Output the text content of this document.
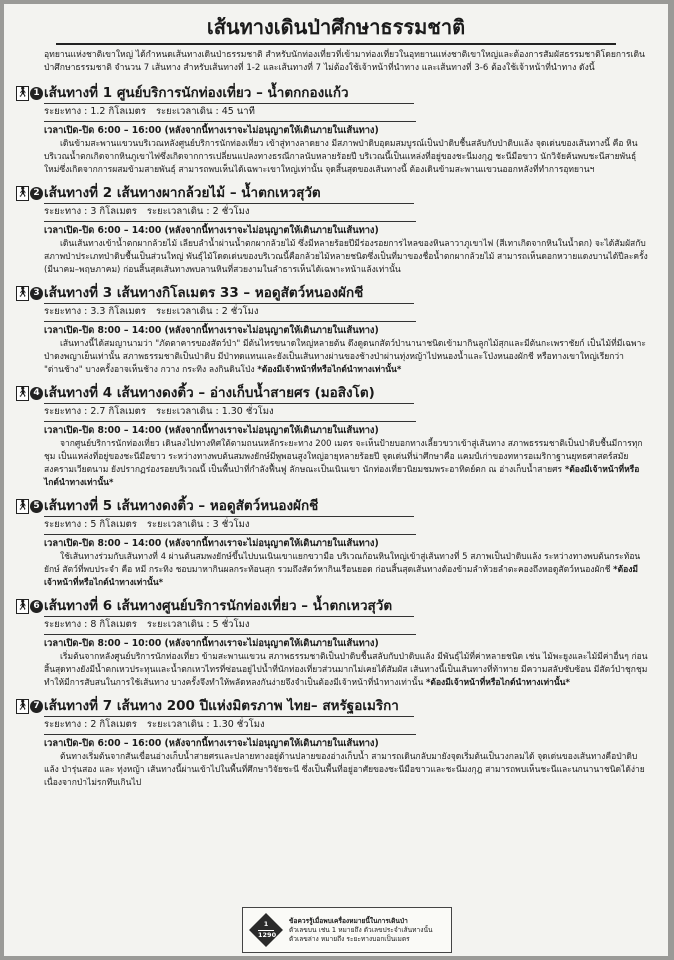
เส้นทางเดินป่าศึกษาธรรมชาติ

อุทยานแห่งชาติเขาใหญ่ ได้กำหนดเส้นทางเดินป่าธรรมชาติ สำหรับนักท่องเที่ยวที่เข้ามาท่องเที่ยวในอุทยานแห่งชาติเขาใหญ่และต้องการสัมผัสธรรมชาติโดยการเดินป่าศึกษาธรรมชาติ จำนวน 7 เส้นทาง สำหรับเส้นทางที่ 1-2 และเส้นทางที่ 7 ไม่ต้องใช้เจ้าหน้าที่นำทาง และเส้นทางที่ 3-6 ต้องใช้เจ้าหน้าที่นำทาง ดังนี้

🚶︎ 1 เส้นทางที่ 1 ศูนย์บริการนักท่องเที่ยว – น้ำตกกองแก้ว
ระยะทาง : 1.2 กิโลเมตร ระยะเวลาเดิน : 45 นาที
เวลาเปิด-ปิด 6:00 – 16:00 (หลังจากนี้ทางเราจะไม่อนุญาตให้เดินภายในเส้นทาง)
เดินข้ามสะพานแขวนบริเวณหลังศูนย์บริการนักท่องเที่ยว เข้าสู่ทางลาดยาง มีสภาพป่าดิบอุดมสมบูรณ์เป็นป่าดิบชื้นสลับกับป่าดิบแล้ง จุดเด่นของเส้นทางนี้ คือ หินบริเวณน้ำตกเกิดจากหินภูเขาไฟซึ่งเกิดจากการเปลี่ยนแปลงทางธรณีกาลนับหลายร้อยปี บริเวณนี้เป็นแหล่งที่อยู่ของชะนีมงกุฎ ชะนีมือขาว นักวิจัยค้นพบชะนีสายพันธุ์ใหม่ซึ่งเกิดจากการผสมข้ามสายพันธุ์ สามารถพบเห็นได้เฉพาะเขาใหญ่เท่านั้น จุดสิ้นสุดของเส้นทางนี้ ต้องเดินข้ามสะพานแขวนออกหลังที่ทำการอุทยานฯ
🚶︎ 2 เส้นทางที่ 2 เส้นทางผากล้วยไม้ – น้ำตกเหวสุวัต
ระยะทาง : 3 กิโลเมตร ระยะเวลาเดิน : 2 ชั่วโมง
เวลาเปิด-ปิด 6:00 – 14:00 (หลังจากนี้ทางเราจะไม่อนุญาตให้เดินภายในเส้นทาง)
เดินเส้นทางเข้าน้ำตกผากล้วยไม้ เลียบลำน้ำผ่านน้ำตกผากล้วยไม้ ซึ่งมีหลายร้อยปีมีร่องรอยการไหลของหินลาวาภูเขาไฟ (สีเทาเกิดจากหินในน้ำตก) จะได้สัมผัสกับสภาพป่าประเภทป่าดิบชื้นเป็นส่วนใหญ่ พันธุ์ไม้โดดเด่นของบริเวณนี้คือกล้วยไม้หลายชนิดซึ่งเป็นที่มาของชื่อน้ำตกผากล้วยไม้ สามารถเห็นดอกหวายแดงบานได้ปีละครั้ง (มีนาคม–พฤษภาคม) ก่อนสิ้นสุดเส้นทางพบลานหินที่สวยงามในลำธารเห็นได้เฉพาะหน้าแล้งเท่านั้น
🚶︎ 3 เส้นทางที่ 3 เส้นทางกิโลเมตร 33 – หอดูสัตว์หนองผักชี
ระยะทาง : 3.3 กิโลเมตร ระยะเวลาเดิน : 2 ชั่วโมง
เวลาเปิด-ปิด 8:00 – 14:00 (หลังจากนี้ทางเราจะไม่อนุญาตให้เดินภายในเส้นทาง)
เส้นทางนี้ได้สมญานามว่า "ภัตตาคารของสัตว์ป่า" มีต้นไทรขนาดใหญ่หลายต้น ดึงดูดนกสัตว์ป่านานาชนิดเข้ามากินลูกไม้สุกและมีต้นกะเพราชัยก์ เป็นไม้ที่มีเฉพาะป่าดงพญาเย็นเท่านั้น สภาพธรรมชาติเป็นป่าดิบ มีป่าทดแทนและยังเป็นเส้นทางผ่านของช้างป่าผ่านทุ่งหญ้าไปหนองน้ำและโป่งหนองผักชี หรือทางเขาใหญ่เรียกว่า "ด่านช้าง" บางครั้งอาจเห็นช้าง กวาง กระทิง ลงกินดินโป่ง *ต้องมีเจ้าหน้าที่หรือไกด์นำทางเท่านั้น*
🚶︎ 4 เส้นทางที่ 4 เส้นทางดงติ้ว – อ่างเก็บน้ำสายศร (มอสิงโต)
ระยะทาง : 2.7 กิโลเมตร ระยะเวลาเดิน : 1.30 ชั่วโมง
เวลาเปิด-ปิด 8:00 – 14:00 (หลังจากนี้ทางเราจะไม่อนุญาตให้เดินภายในเส้นทาง)
จากศูนย์บริการนักท่องเที่ยว เดินลงไปทางทิศใต้ตามถนนหลักระยะทาง 200 เมตร จะเห็นป้ายบอกทางเลี้ยวขวาเข้าสู่เส้นทาง สภาพธรรมชาติเป็นป่าดิบชื้นมีการทุกชุม เป็นแหล่งที่อยู่ของชะนีมือขาว ระหว่างทางพบต้นสมพงยักษ์มีพูพอนสูงใหญ่อายุหลายร้อยปี จุดเด่นที่น่าศึกษาคือ แคมป์เก่าของทหารอเมริกาฐานยุทธศาสตร์สมัยสงครามเวียดนาม ยังปรากฏร่องรอยบริเวณนี้ เป็นพื้นป่าที่กำลังฟื้นฟู ลักษณะเป็นเนินเขา นักท่องเที่ยวนิยมชมพระอาทิตย์ตก ณ อ่างเก็บน้ำสายศร *ต้องมีเจ้าหน้าที่หรือไกด์นำทางเท่านั้น*
🚶︎ 5 เส้นทางที่ 5 เส้นทางดงติ้ว – หอดูสัตว์หนองผักชี
ระยะทาง : 5 กิโลเมตร ระยะเวลาเดิน : 3 ชั่วโมง
เวลาเปิด-ปิด 8:00 – 14:00 (หลังจากนี้ทางเราจะไม่อนุญาตให้เดินภายในเส้นทาง)
ใช้เส้นทางร่วมกับเส้นทางที่ 4 ผ่านต้นสมพงยักษ์ขึ้นไปบนเนินเขาแยกขวามือ บริเวณก้อนหินใหญ่เข้าสู่เส้นทางที่ 5 สภาพเป็นป่าดิบแล้ง ระหว่างทางพบต้นกระท้อนยักษ์ สัตว์ที่พบประจำ คือ หมี กระทิง ชอบมาหากินผลกระท้อนสุก รวมถึงสัตว์หากินเรือนยอด ก่อนสิ้นสุดเส้นทางต้องข้ามลำห้วยลำตะคองถึงหอดูสัตว์หนองผักชี *ต้องมีเจ้าหน้าที่หรือไกด์นำทางเท่านั้น*
🚶︎ 6 เส้นทางที่ 6 เส้นทางศูนย์บริการนักท่องเที่ยว – น้ำตกเหวสุวัต
ระยะทาง : 8 กิโลเมตร ระยะเวลาเดิน : 5 ชั่วโมง
เวลาเปิด-ปิด 8:00 – 10:00 (หลังจากนี้ทางเราจะไม่อนุญาตให้เดินภายในเส้นทาง)
เริ่มต้นจากหลังศูนย์บริการนักท่องเที่ยว ข้ามสะพานแขวน สภาพธรรมชาติเป็นป่าดิบชื้นสลับกับป่าดิบแล้ง มีพันธุ์ไม้ที่ค่าหลายชนิด เช่น ไม้พะยูงและไม้มีค่าอื่นๆ ก่อนสิ้นสุดทางยังมีน้ำตกเหวประทุนและน้ำตกเหวไทรที่ซ่อนอยู่ไปน้ำที่นักท่องเที่ยวส่วนมากไม่เคยได้สัมผัส เส้นทางนี้เป็นเส้นทางที่ท้าทาย มีความสลับซับซ้อน มีสัตว์ป่าชุกชุม ทำให้มีการสับสนในการใช้เส้นทาง บางครั้งจึงทำให้พลัดหลงกันง่ายจึงจำเป็นต้องมีเจ้าหน้าที่นำทางเท่านั้น *ต้องมีเจ้าหน้าที่หรือไกด์นำทางเท่านั้น*
🚶︎ 7 เส้นทางที่ 7 เส้นทาง 200 ปีแห่งมิตรภาพ ไทย– สหรัฐอเมริกา
ระยะทาง : 2 กิโลเมตร ระยะเวลาเดิน : 1.30 ชั่วโมง
เวลาเปิด-ปิด 6:00 – 16:00 (หลังจากนี้ทางเราจะไม่อนุญาตให้เดินภายในเส้นทาง)
ต้นทางเริ่มต้นจากสันเขื่อนอ่างเก็บน้ำสายศรและปลายทางอยู่ด้านปลายของอ่างเก็บน้ำ สามารถเดินกลับมายังจุดเริ่มต้นเป็นวงกลมได้ จุดเด่นของเส้นทางคือป่าดิบแล้ง ป่ารุ่นสอง และ ทุ่งหญ้า เส้นทางนี้ผ่านเข้าไปในพื้นที่ศึกษาวิจัยชะนี ซึ่งเป็นพื้นที่อยู่อาศัยของชะนีมือขาวและชะนีมงกุฎ สามารถพบเห็นชะนีและนกนานาชนิดได้ง่ายเนื่องจากป่าไม่รกทึบเกินไป
1
1290
ข้อควรรู้เมื่อพบเครื่องหมายนี้ในการเดินป่า
ตัวเลขบน เช่น 1 หมายถึง ตัวเลขประจำเส้นทางนั้น
ตัวเลขล่าง หมายถึง ระยะทางบอกเป็นเมตร
